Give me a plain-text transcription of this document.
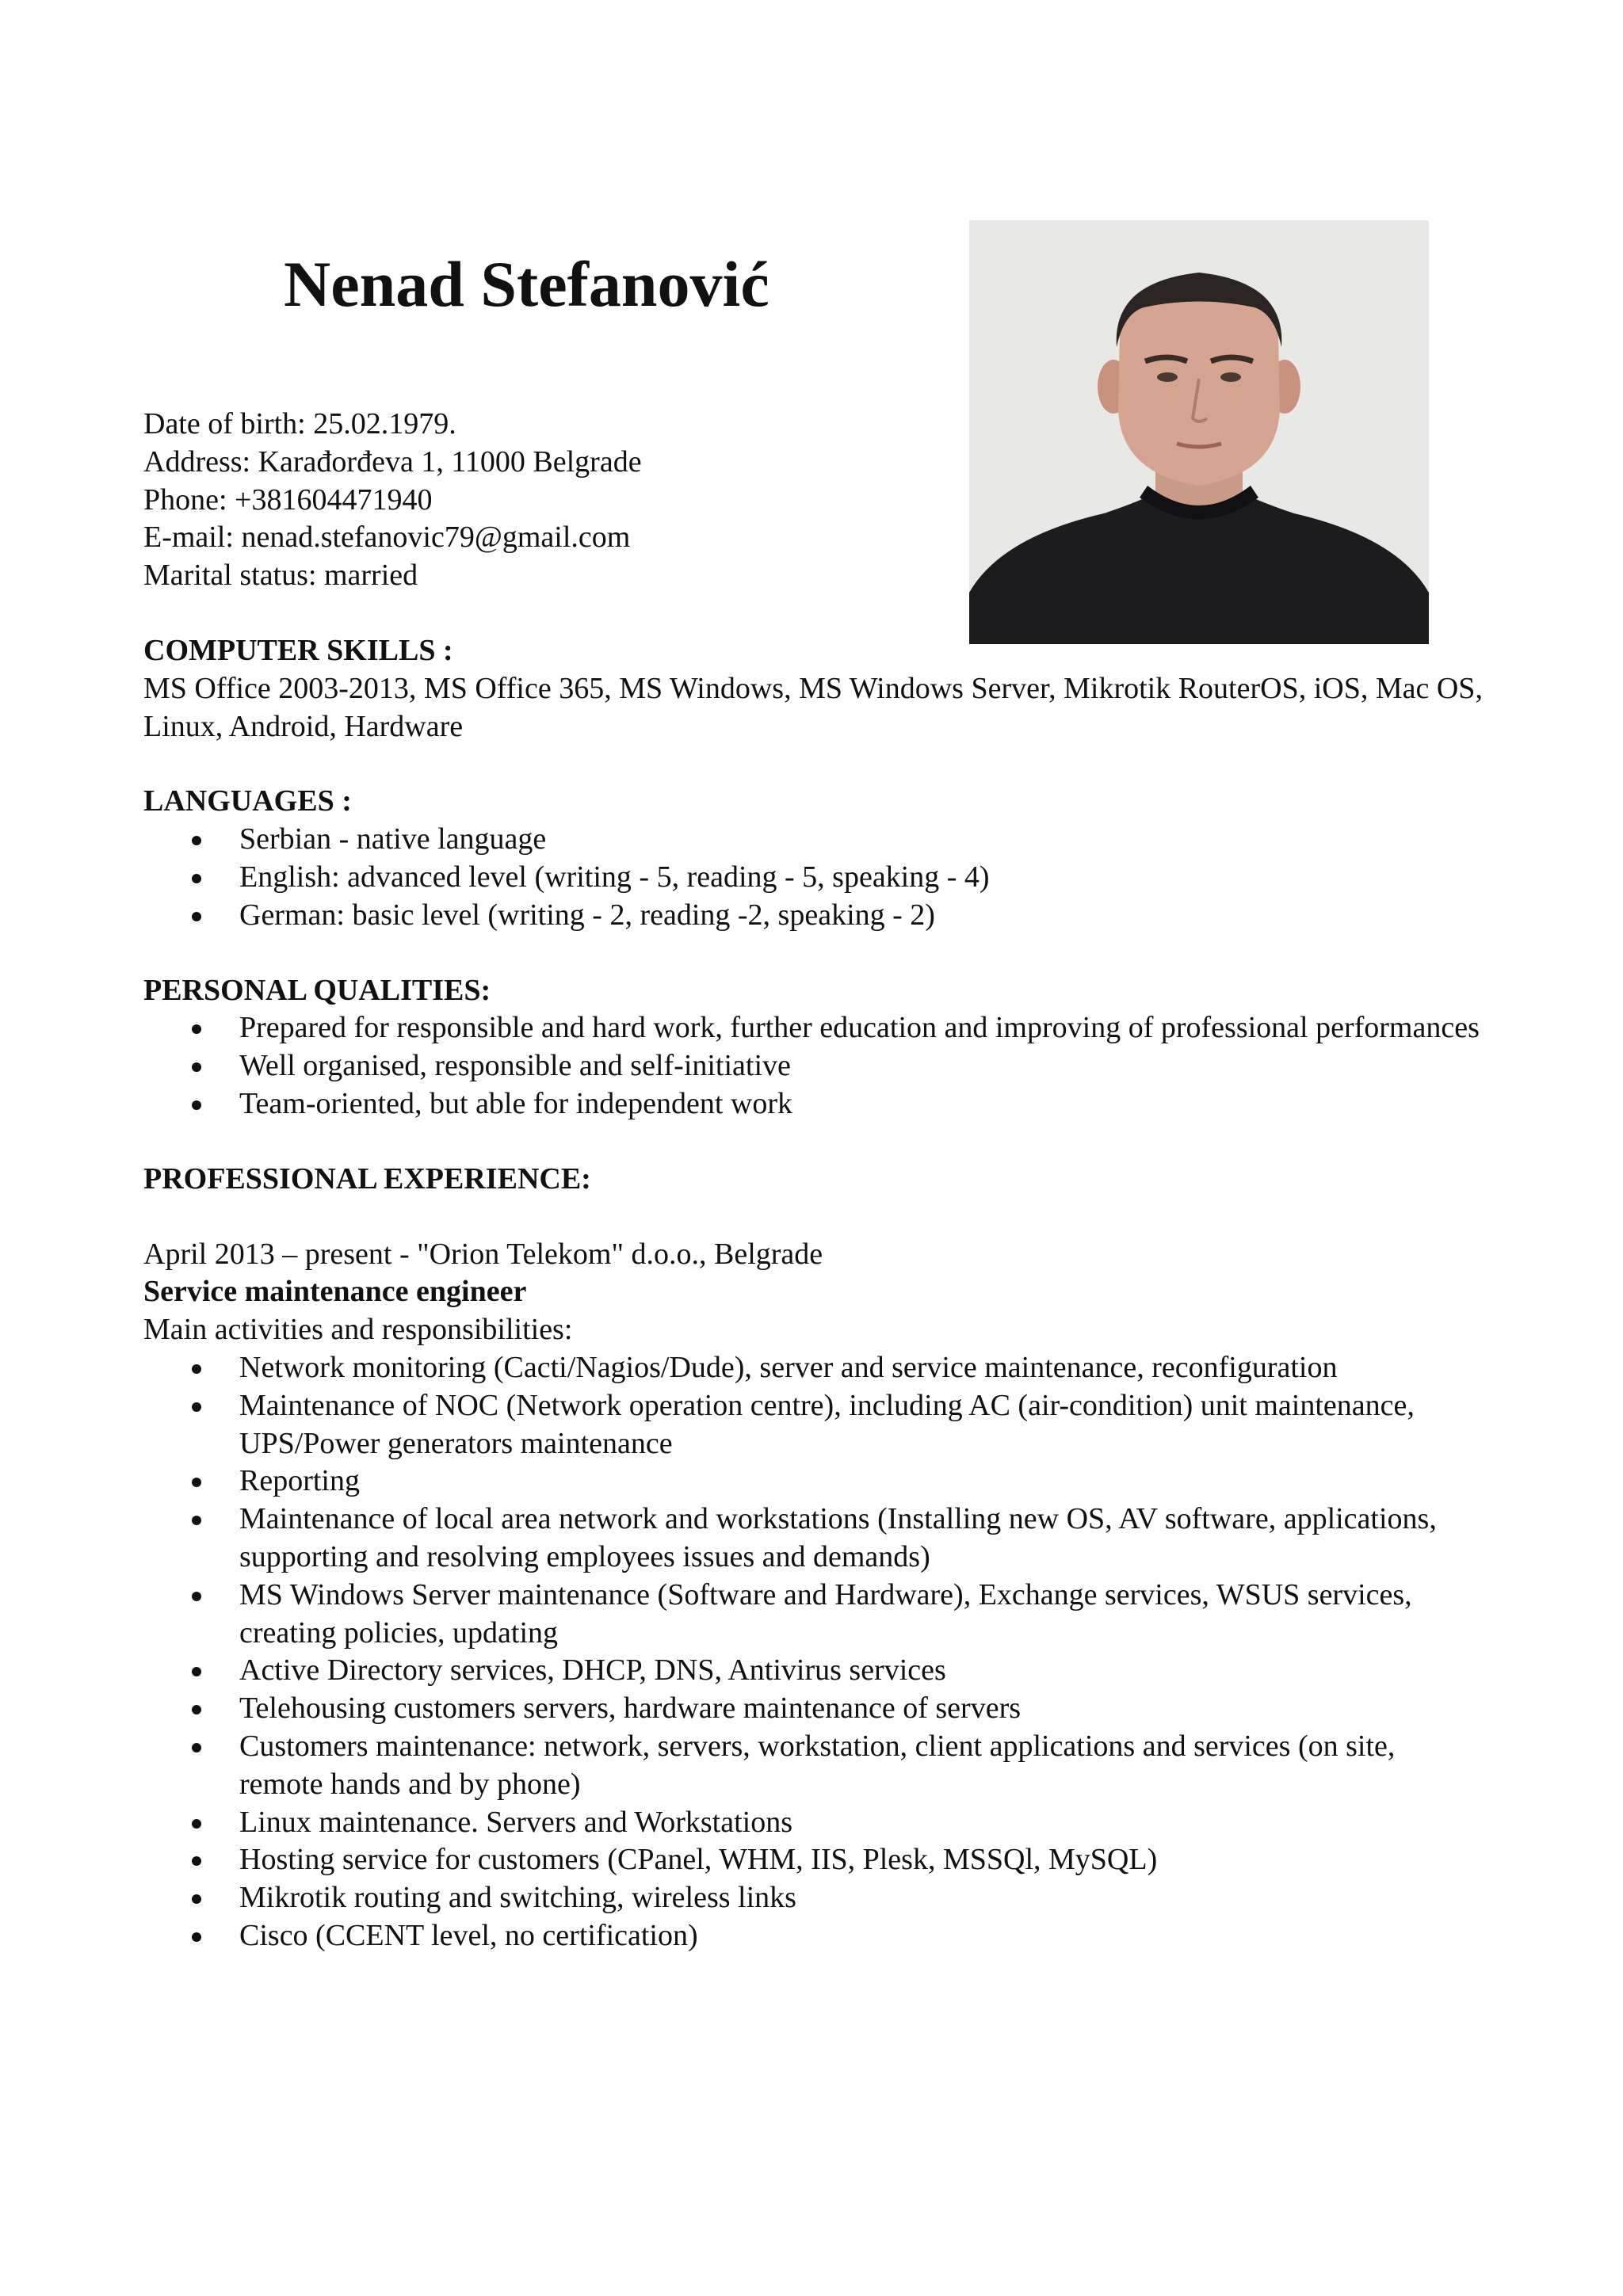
Nenad Stefanović

Date of birth: 25.02.1979.

Address: Karađorđeva 1, 11000 Belgrade

Phone: +381604471940

E-mail: nenad.stefanovic79@gmail.com

Marital status: married

COMPUTER SKILLS :

MS Office 2003-2013, MS Office 365, MS Windows, MS Windows Server, Mikrotik RouterOS, iOS, Mac OS, Linux, Android, Hardware

LANGUAGES :

Serbian - native language
English: advanced level (writing - 5, reading - 5, speaking - 4)
German: basic level (writing - 2, reading -2, speaking - 2)

PERSONAL QUALITIES:

Prepared for responsible and hard work, further education and improving of professional performances
Well organised, responsible and self-initiative
Team-oriented, but able for independent work

PROFESSIONAL EXPERIENCE:

April 2013 – present - "Orion Telekom" d.o.o., Belgrade

Service maintenance engineer

Main activities and responsibilities:

Network monitoring (Cacti/Nagios/Dude), server and service maintenance, reconfiguration
Maintenance of NOC (Network operation centre), including AC (air-condition) unit maintenance, UPS/Power generators maintenance
Reporting
Maintenance of local area network and workstations (Installing new OS, AV software, applications, supporting and resolving employees issues and demands)
MS Windows Server maintenance (Software and Hardware), Exchange services, WSUS services, creating policies, updating
Active Directory services, DHCP, DNS, Antivirus services
Telehousing customers servers, hardware maintenance of servers
Customers maintenance: network, servers, workstation, client applications and services (on site, remote hands and by phone)
Linux maintenance. Servers and Workstations
Hosting service for customers (CPanel, WHM, IIS, Plesk, MSSQl, MySQL)
Mikrotik routing and switching, wireless links
Cisco (CCENT level, no certification)
